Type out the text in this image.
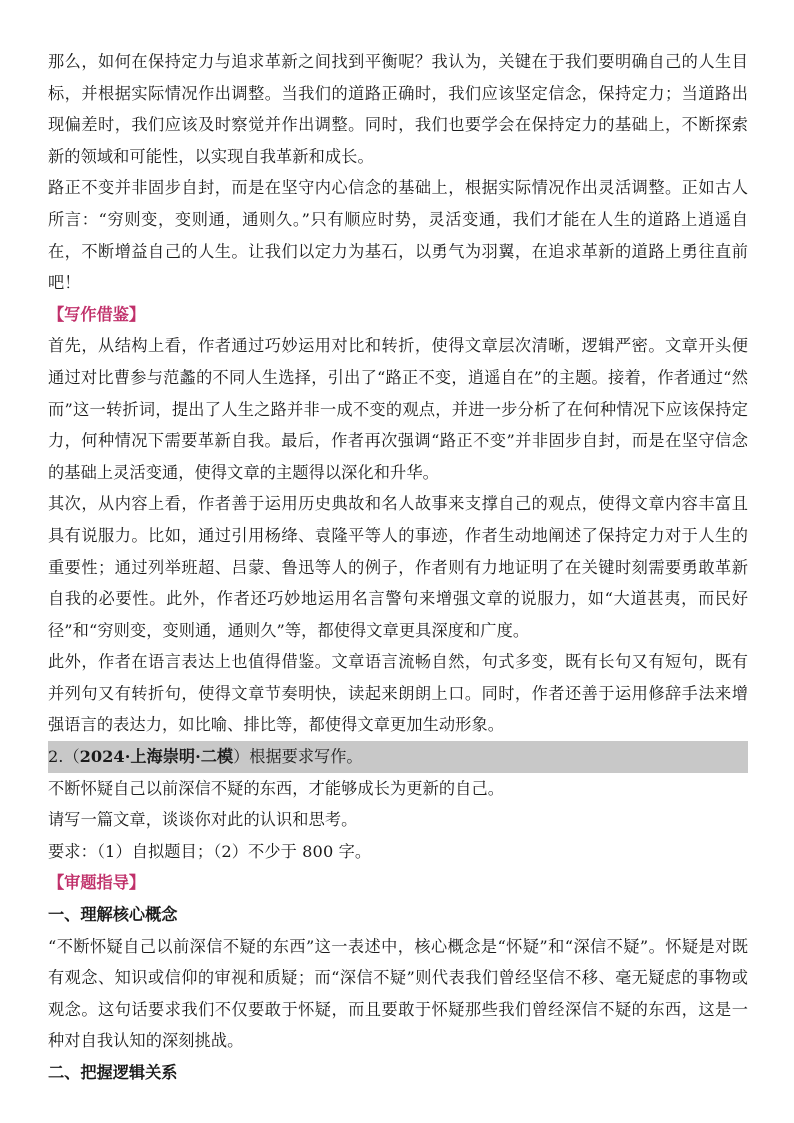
那么，如何在保持定力与追求革新之间找到平衡呢？我认为，关键在于我们要明确自己的人生目标，并根据实际情况作出调整。当我们的道路正确时，我们应该坚定信念，保持定力；当道路出现偏差时，我们应该及时察觉并作出调整。同时，我们也要学会在保持定力的基础上，不断探索新的领域和可能性，以实现自我革新和成长。

路正不变并非固步自封，而是在坚守内心信念的基础上，根据实际情况作出灵活调整。正如古人所言：“穷则变，变则通，通则久。”只有顺应时势，灵活变通，我们才能在人生的道路上逍遥自在，不断增益自己的人生。让我们以定力为基石，以勇气为羽翼，在追求革新的道路上勇往直前吧！

【写作借鉴】

首先，从结构上看，作者通过巧妙运用对比和转折，使得文章层次清晰，逻辑严密。文章开头便通过对比曹参与范蠡的不同人生选择，引出了“路正不变，逍遥自在”的主题。接着，作者通过“然而”这一转折词，提出了人生之路并非一成不变的观点，并进一步分析了在何种情况下应该保持定力，何种情况下需要革新自我。最后，作者再次强调“路正不变”并非固步自封，而是在坚守信念的基础上灵活变通，使得文章的主题得以深化和升华。

其次，从内容上看，作者善于运用历史典故和名人故事来支撑自己的观点，使得文章内容丰富且具有说服力。比如，通过引用杨绛、袁隆平等人的事迹，作者生动地阐述了保持定力对于人生的重要性；通过列举班超、吕蒙、鲁迅等人的例子，作者则有力地证明了在关键时刻需要勇敢革新自我的必要性。此外，作者还巧妙地运用名言警句来增强文章的说服力，如“大道甚夷，而民好径”和“穷则变，变则通，通则久”等，都使得文章更具深度和广度。

此外，作者在语言表达上也值得借鉴。文章语言流畅自然，句式多变，既有长句又有短句，既有并列句又有转折句，使得文章节奏明快，读起来朗朗上口。同时，作者还善于运用修辞手法来增强语言的表达力，如比喻、排比等，都使得文章更加生动形象。

2.（2024·上海崇明·二模）根据要求写作。

不断怀疑自己以前深信不疑的东西，才能够成长为更新的自己。

请写一篇文章，谈谈你对此的认识和思考。

要求：（1）自拟题目；（2）不少于 800 字。

【审题指导】

一、理解核心概念

“不断怀疑自己以前深信不疑的东西”这一表述中，核心概念是“怀疑”和“深信不疑”。怀疑是对既有观念、知识或信仰的审视和质疑；而“深信不疑”则代表我们曾经坚信不移、毫无疑虑的事物或观念。这句话要求我们不仅要敢于怀疑，而且要敢于怀疑那些我们曾经深信不疑的东西，这是一种对自我认知的深刻挑战。

二、把握逻辑关系
